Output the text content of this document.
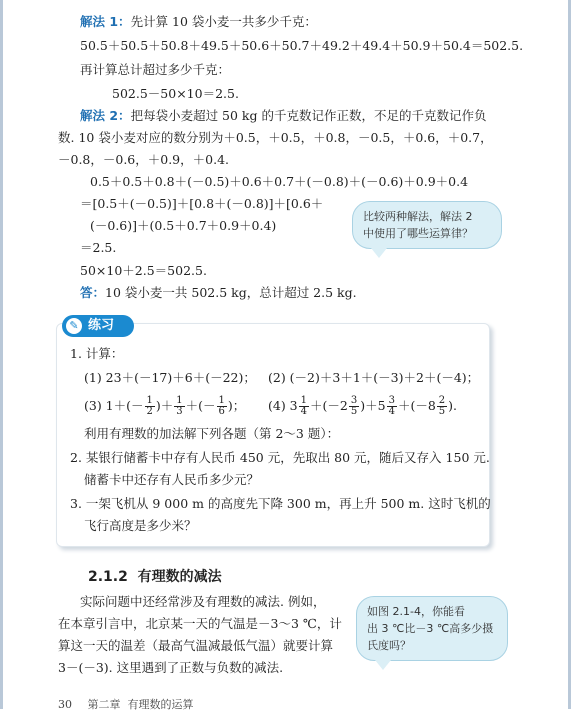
解法 1：先计算 10 袋小麦一共多少千克：
50.5＋50.5＋50.8＋49.5＋50.6＋50.7＋49.2＋49.4＋50.9＋50.4＝502.5.
再计算总计超过多少千克：
502.5－50×10＝2.5.
解法 2：把每袋小麦超过 50 kg 的千克数记作正数，不足的千克数记作负
数. 10 袋小麦对应的数分别为＋0.5，＋0.5，＋0.8，－0.5，＋0.6，＋0.7，
－0.8，－0.6，＋0.9，＋0.4.
0.5＋0.5＋0.8＋(－0.5)＋0.6＋0.7＋(－0.8)＋(－0.6)＋0.9＋0.4
＝[0.5＋(－0.5)]＋[0.8＋(－0.8)]＋[0.6＋
(－0.6)]＋(0.5＋0.7＋0.9＋0.4)
＝2.5.
50×10＋2.5＝502.5.
比较两种解法，解法 2
中使用了哪些运算律？
答：10 袋小麦一共 502.5 kg，总计超过 2.5 kg.
✎ 练习
1. 计算：
(1) 23＋(－17)＋6＋(－22)； (2) (－2)＋3＋1＋(－3)＋2＋(－4)；
(3) $1+(- \frac{1}{2}$ )＋ $\frac{1}{3}$ ＋(－ $\frac{1}{6}$ )； (4) $3 \frac{1}{4} +(-2 \frac{3}{5} )+5 \frac{3}{4} +(-8 \frac{2}{5}$ ).
利用有理数的加法解下列各题（第 2～3 题）：
2. 某银行储蓄卡中存有人民币 450 元，先取出 80 元，随后又存入 150 元.
储蓄卡中还存有人民币多少元？
3. 一架飞机从 9 000 m 的高度先下降 300 m，再上升 500 m. 这时飞机的
飞行高度是多少米？
2.1.2 有理数的减法
实际问题中还经常涉及有理数的减法. 例如，
在本章引言中，北京某一天的气温是－3～3 ℃，计
算这一天的温差（最高气温减最低气温）就要计算
3－(－3). 这里遇到了正数与负数的减法.
如图 2.1-4，你能看
出 3 ℃比－3 ℃高多少摄
氏度吗？
30 第二章 有理数的运算
